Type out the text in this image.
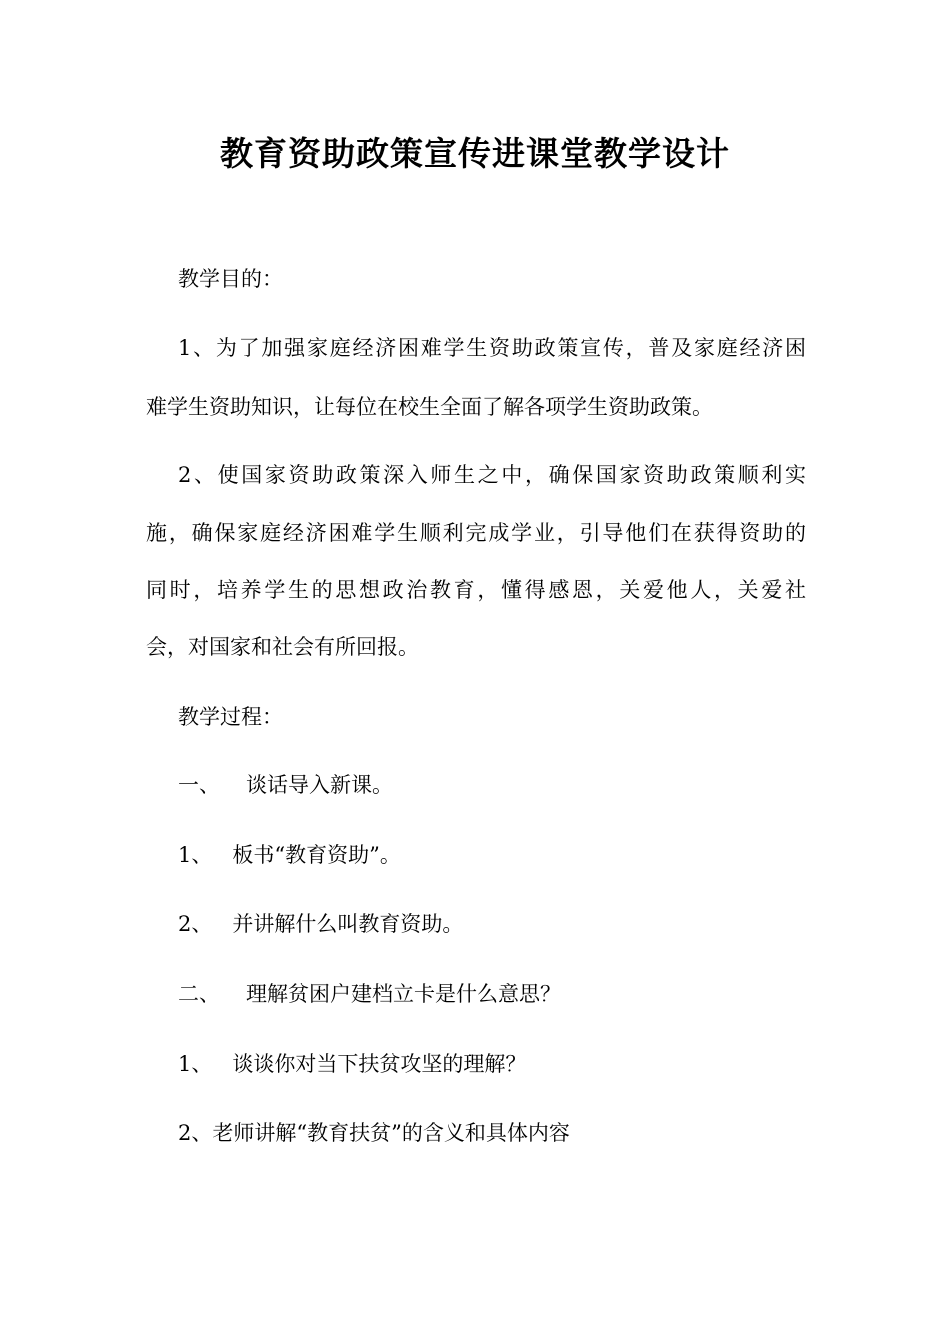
教育资助政策宣传进课堂教学设计
教学目的：
1、为了加强家庭经济困难学生资助政策宣传，普及家庭经济困
难学生资助知识，让每位在校生全面了解各项学生资助政策。
2、使国家资助政策深入师生之中，确保国家资助政策顺利实
施，确保家庭经济困难学生顺利完成学业，引导他们在获得资助的
同时，培养学生的思想政治教育，懂得感恩，关爱他人，关爱社
会，对国家和社会有所回报。
教学过程：
一、 谈话导入新课。
1、 板书“教育资助”。
2、 并讲解什么叫教育资助。
二、 理解贫困户建档立卡是什么意思？
1、 谈谈你对当下扶贫攻坚的理解？
2、老师讲解“教育扶贫”的含义和具体内容
